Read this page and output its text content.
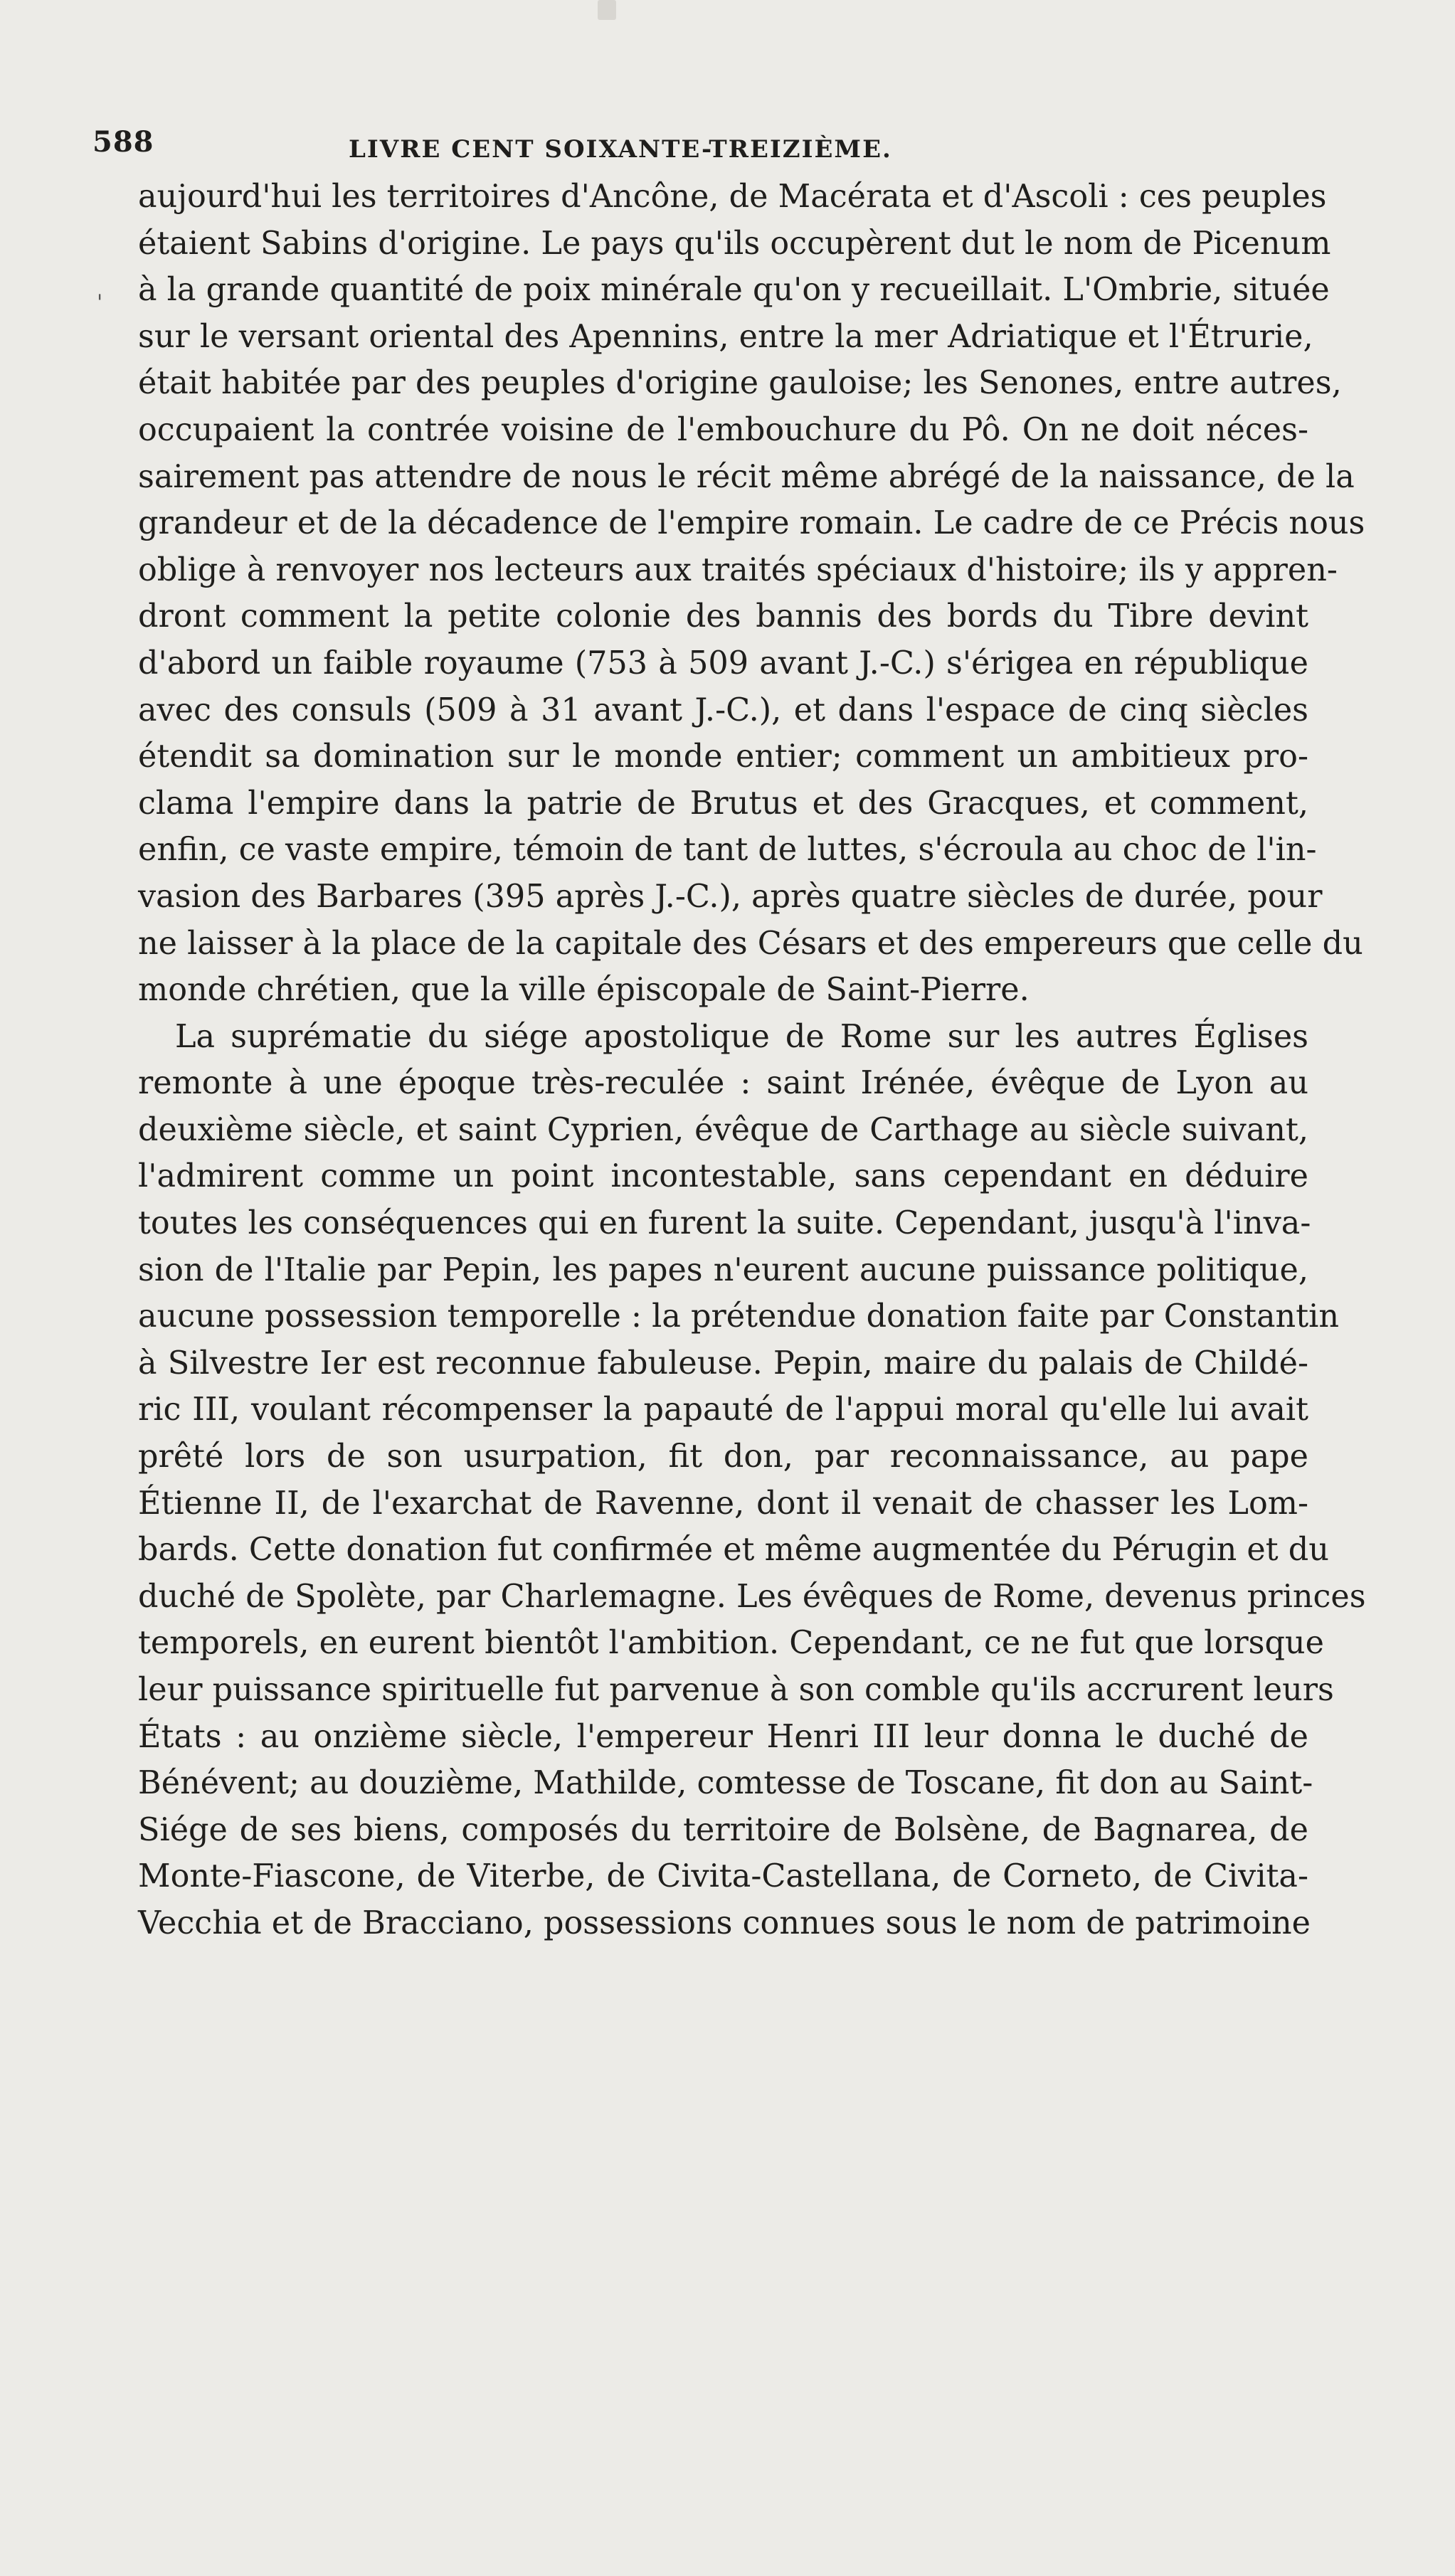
588	LIVRE CENT SOIXANTE-TREIZIÈME.
'
aujourd'hui les territoires d'Ancône, de Macérata et d'Ascoli : ces peuples
étaient Sabins d'origine. Le pays qu'ils occupèrent dut le nom de Picenum
à la grande quantité de poix minérale qu'on y recueillait. L'Ombrie, située
sur le versant oriental des Apennins, entre la mer Adriatique et l'Étrurie,
était habitée par des peuples d'origine gauloise; les Senones, entre autres,
occupaient la contrée voisine de l'embouchure du Pô. On ne doit néces-
sairement pas attendre de nous le récit même abrégé de la naissance, de la
grandeur et de la décadence de l'empire romain. Le cadre de ce Précis nous
oblige à renvoyer nos lecteurs aux traités spéciaux d'histoire; ils y appren-
dront comment la petite colonie des bannis des bords du Tibre devint
d'abord un faible royaume (753 à 509 avant J.-C.) s'érigea en république
avec des consuls (509 à 31 avant J.-C.), et dans l'espace de cinq siècles
étendit sa domination sur le monde entier; comment un ambitieux pro-
clama l'empire dans la patrie de Brutus et des Gracques, et comment,
enfin, ce vaste empire, témoin de tant de luttes, s'écroula au choc de l'in-
vasion des Barbares (395 après J.-C.), après quatre siècles de durée, pour
ne laisser à la place de la capitale des Césars et des empereurs que celle du
monde chrétien, que la ville épiscopale de Saint-Pierre.
La suprématie du siége apostolique de Rome sur les autres Églises
remonte à une époque très-reculée : saint Irénée, évêque de Lyon au
deuxième siècle, et saint Cyprien, évêque de Carthage au siècle suivant,
l'admirent comme un point incontestable, sans cependant en déduire
toutes les conséquences qui en furent la suite. Cependant, jusqu'à l'inva-
sion de l'Italie par Pepin, les papes n'eurent aucune puissance politique,
aucune possession temporelle : la prétendue donation faite par Constantin
à Silvestre Ier est reconnue fabuleuse. Pepin, maire du palais de Childé-
ric III, voulant récompenser la papauté de l'appui moral qu'elle lui avait
prêté lors de son usurpation, fit don, par reconnaissance, au pape
Étienne II, de l'exarchat de Ravenne, dont il venait de chasser les Lom-
bards. Cette donation fut confirmée et même augmentée du Pérugin et du
duché de Spolète, par Charlemagne. Les évêques de Rome, devenus princes
temporels, en eurent bientôt l'ambition. Cependant, ce ne fut que lorsque
leur puissance spirituelle fut parvenue à son comble qu'ils accrurent leurs
États : au onzième siècle, l'empereur Henri III leur donna le duché de
Bénévent; au douzième, Mathilde, comtesse de Toscane, fit don au Saint-
Siége de ses biens, composés du territoire de Bolsène, de Bagnarea, de
Monte-Fiascone, de Viterbe, de Civita-Castellana, de Corneto, de Civita-
Vecchia et de Bracciano, possessions connues sous le nom de patrimoine
